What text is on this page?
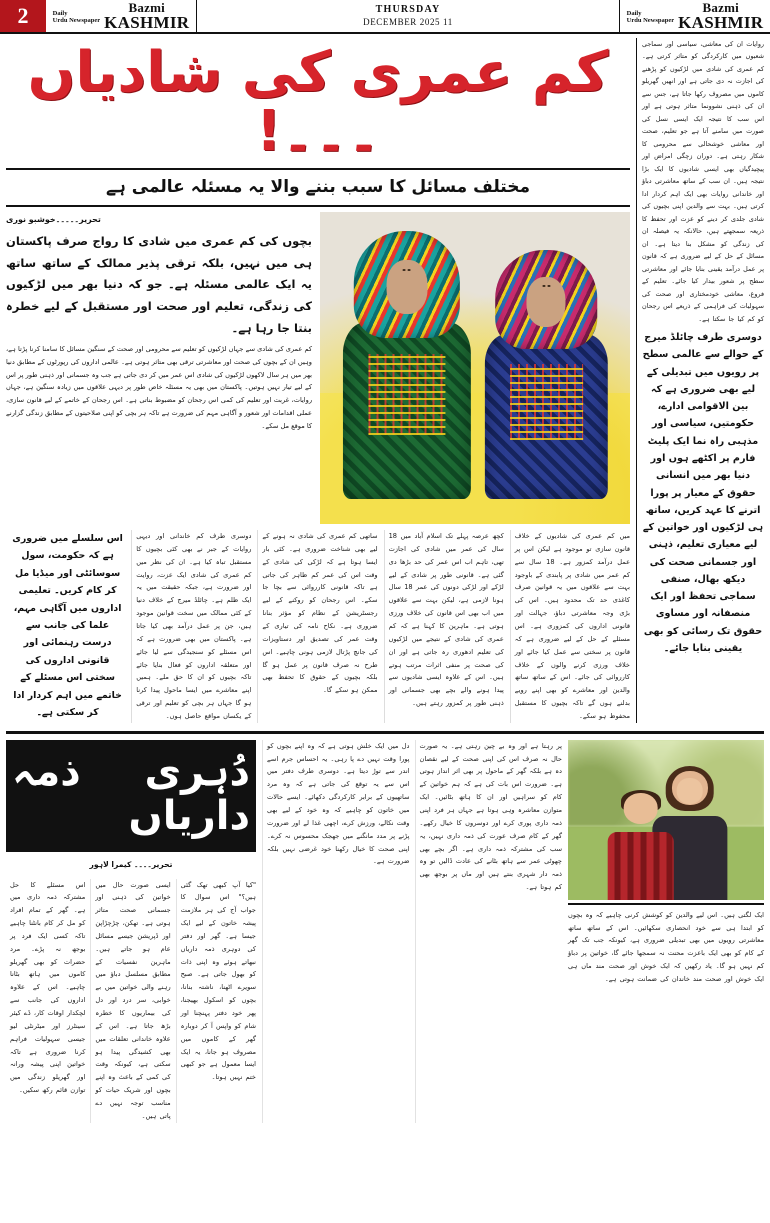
Bazmi
KASHMIR
Daily
Urdu Newspaper
THURSDAY
11 DECEMBER 2025
Bazmi
KASHMIR
Daily
Urdu Newspaper
2
روایات ان کی معاشی، سیاسی اور سماجی شعبوں میں کارکردگی کو متاثر کرتی ہے۔ کم عمری کی شادی میں لڑکیوں کو پڑھنے کی اجازت نہ دی جاتی ہے اور انھیں گھریلو کاموں میں مصروف رکھا جاتا ہے، جس سے ان کی ذہنی نشوونما متاثر ہوتی ہے اور اس سب کا نتیجہ ایک ایسی نسل کی صورت میں سامنے آتا ہے جو تعلیم، صحت اور معاشی خوشحالی سے محرومی کا شکار رہتی ہے۔ دوران زچگی امراض اور پیچیدگیاں بھی ایسی شادیوں کا ایک بڑا نتیجہ ہیں۔ ان سب کے ساتھ معاشرتی دباؤ اور خاندانی روایات بھی ایک اہم کردار ادا کرتی ہیں۔ بہت سے والدین اپنی بچیوں کی شادی جلدی کر دینے کو عزت اور تحفظ کا ذریعہ سمجھتے ہیں، حالانکہ یہ فیصلہ ان کی زندگی کو مشکل بنا دیتا ہے۔ ان مسائل کے حل کے لیے ضروری ہے کہ قانون پر عمل درآمد یقینی بنایا جائے اور معاشرتی سطح پر شعور بیدار کیا جائے۔ تعلیم کے فروغ، معاشی خودمختاری اور صحت کی سہولیات کی فراہمی کے ذریعے اس رجحان کو کم کیا جا سکتا ہے۔
دوسری طرف چائلڈ میرج کے حوالے سے عالمی سطح پر رویوں میں تبدیلی کے لیے بھی ضروری ہے کہ بین الاقوامی ادارے، حکومتیں، سیاسی اور مذہبی راہ نما ایک پلیٹ فارم پر اکٹھے ہوں اور دنیا بھر میں انسانی حقوق کے معیار پر پورا اترنے کا عہد کریں، ساتھ ہی لڑکیوں اور خواتین کے لیے معیاری تعلیم، ذہنی اور جسمانی صحت کی دیکھ بھال، صنفی سماجی تحفظ اور ایک منصفانہ اور مساوی حقوق تک رسائی کو بھی یقینی بنایا جائے۔
کم عمری کی شادیاں ۔۔۔!
مختلف مسائل کا سبب بننے والا یہ مسئلہ عالمی ہے
تحریر۔۔۔۔۔خوشبو نوری
بچوں کی کم عمری میں شادی کا رواج صرف پاکستان ہی میں نہیں، بلکہ ترقی پذیر ممالک کے ساتھ ساتھ یہ ایک عالمی مسئلہ ہے۔ جو کہ دنیا بھر میں لڑکیوں کی زندگی، تعلیم اور صحت اور مستقبل کے لیے خطرہ بنتا جا رہا ہے۔
کم عمری کی شادی سے جہاں لڑکیوں کو تعلیم سے محرومی اور صحت کے سنگین مسائل کا سامنا کرنا پڑتا ہے، وہیں ان کے بچوں کی صحت اور معاشرتی ترقی بھی متاثر ہوتی ہے۔ عالمی اداروں کی رپورٹوں کے مطابق دنیا بھر میں ہر سال لاکھوں لڑکیوں کی شادی اس عمر میں کر دی جاتی ہے جب وہ جسمانی اور ذہنی طور پر اس کے لیے تیار نہیں ہوتیں۔ پاکستان میں بھی یہ مسئلہ خاص طور پر دیہی علاقوں میں زیادہ سنگین ہے، جہاں روایات، غربت اور تعلیم کی کمی اس رجحان کو مضبوط بناتی ہے۔ اس رجحان کے خاتمے کے لیے قانون سازی، عملی اقدامات اور شعور و آگاہی مہم کی ضرورت ہے تاکہ ہر بچی کو اپنی صلاحیتوں کے مطابق زندگی گزارنے کا موقع مل سکے۔
میں کم عمری کی شادیوں کے خلاف قانون سازی تو موجود ہے لیکن اس پر عمل درآمد کمزور ہے۔ 18 سال سے کم عمر میں شادی پر پابندی کے باوجود بہت سے علاقوں میں یہ قوانین صرف کاغذی حد تک محدود ہیں۔ اس کی بڑی وجہ معاشرتی دباؤ، جہالت اور قانونی اداروں کی کمزوری ہے۔ اس مسئلے کے حل کے لیے ضروری ہے کہ قانون پر سختی سے عمل کیا جائے اور خلاف ورزی کرنے والوں کے خلاف کارروائی کی جائے۔ اس کے ساتھ ساتھ والدین اور معاشرے کو بھی اپنے رویے بدلنے ہوں گے تاکہ بچیوں کا مستقبل محفوظ ہو سکے۔
کچھ عرصہ پہلے تک اسلام آباد میں 18 سال کی عمر میں شادی کی اجازت تھی، تاہم اب اس عمر کی حد بڑھا دی گئی ہے۔ قانونی طور پر شادی کے لیے لڑکے اور لڑکی دونوں کی عمر 18 سال ہونا لازمی ہے، لیکن بہت سے علاقوں میں اب بھی اس قانون کی خلاف ورزی ہوتی ہے۔ ماہرین کا کہنا ہے کہ کم عمری کی شادی کے نتیجے میں لڑکیوں کی تعلیم ادھوری رہ جاتی ہے اور ان کی صحت پر منفی اثرات مرتب ہوتے ہیں۔ اس کے علاوہ ایسی شادیوں سے پیدا ہونے والے بچے بھی جسمانی اور ذہنی طور پر کمزور رہتے ہیں۔
ساتھی کم عمری کی شادی نہ ہونے کے لیے بھی شناخت ضروری ہے۔ کئی بار ایسا ہوتا ہے کہ لڑکی کی شادی کے وقت اس کی عمر کم ظاہر کی جاتی ہے تاکہ قانونی کارروائی سے بچا جا سکے۔ اس رجحان کو روکنے کے لیے رجسٹریشن کے نظام کو مؤثر بنانا ضروری ہے۔ نکاح نامہ کی تیاری کے وقت عمر کی تصدیق اور دستاویزات کی جانچ پڑتال لازمی ہونی چاہیے۔ اس طرح نہ صرف قانون پر عمل ہو گا بلکہ بچیوں کے حقوق کا تحفظ بھی ممکن ہو سکے گا۔
دوسری طرف کم خاندانی اور دیہی روایات کے جبر نے بھی کئی بچیوں کا مستقبل تباہ کیا ہے۔ ان کی نظر میں کم عمری کی شادی ایک عزت، روایت اور ضرورت ہے، جبکہ حقیقت میں یہ ایک ظلم ہے۔ چائلڈ میرج کے خلاف دنیا کے کئی ممالک میں سخت قوانین موجود ہیں، جن پر عمل درآمد بھی کیا جاتا ہے۔ پاکستان میں بھی ضرورت ہے کہ اس مسئلے کو سنجیدگی سے لیا جائے اور متعلقہ اداروں کو فعال بنایا جائے تاکہ بچیوں کو ان کا حق ملے۔ ہمیں اپنے معاشرے میں ایسا ماحول پیدا کرنا ہو گا جہاں ہر بچی کو تعلیم اور ترقی کے یکساں مواقع حاصل ہوں۔
اس سلسلے میں ضروری ہے کہ حکومت، سول سوسائٹی اور میڈیا مل کر کام کریں۔ تعلیمی اداروں میں آگاہی مہم، علما کی جانب سے درست رہنمائی اور قانونی اداروں کی سختی اس مسئلے کے خاتمے میں اہم کردار ادا کر سکتی ہے۔
ایک لگتی ہیں۔ اس لیے والدین کو کوشش کرنی چاہیے کہ وہ بچوں کو ابتدا ہی سے خود انحصاری سکھائیں۔ اس کے ساتھ ساتھ معاشرتی رویوں میں بھی تبدیلی ضروری ہے، کیونکہ جب تک گھر کے کام کو بھی ایک باعزت محنت نہ سمجھا جائے گا، خواتین پر دباؤ کم نہیں ہو گا۔ یاد رکھیں کہ ایک خوش اور صحت مند ماں ہی ایک خوش اور صحت مند خاندان کی ضمانت ہوتی ہے۔
پر رہتا ہے اور وہ بے چین رہتی ہے۔ یہ صورت حال نہ صرف اس کی اپنی صحت کے لیے نقصان دہ ہے بلکہ گھر کے ماحول پر بھی اثر انداز ہوتی ہے۔ ضرورت اس بات کی ہے کہ ہم خواتین کے کام کو سراہیں اور ان کا ہاتھ بٹائیں۔ ایک متوازن معاشرہ وہی ہوتا ہے جہاں ہر فرد اپنی ذمہ داری پوری کرے اور دوسروں کا خیال رکھے۔ گھر کے کام صرف عورت کی ذمہ داری نہیں، یہ سب کی مشترکہ ذمہ داری ہے۔ اگر بچے بھی چھوٹی عمر سے ہاتھ بٹانے کی عادت ڈالیں تو وہ ذمہ دار شہری بنتے ہیں اور ماں پر بوجھ بھی کم ہوتا ہے۔
دل میں ایک خلش ہوتی ہے کہ وہ اپنے بچوں کو پورا وقت نہیں دے پا رہی۔ یہ احساس جرم اسے اندر سے توڑ دیتا ہے۔ دوسری طرف دفتر میں اس سے یہ توقع کی جاتی ہے کہ وہ مرد ساتھیوں کے برابر کارکردگی دکھائے۔ ایسے حالات میں خاتون کو چاہیے کہ وہ خود کے لیے بھی وقت نکالے، ورزش کرے، اچھی غذا لے اور ضرورت پڑنے پر مدد مانگنے میں جھجک محسوس نہ کرے۔ اپنی صحت کا خیال رکھنا خود غرضی نہیں بلکہ ضرورت ہے۔
دُہری ذمہ داریاں
تحریر۔۔۔۔ کیمرا لاہور
"کیا آپ کبھی تھک گئی ہیں؟" اس سوال کا جواب آج کی ہر ملازمت پیشہ خاتون کے لیے ایک جیسا ہے۔ گھر اور دفتر کی دوہری ذمہ داریاں نبھاتے ہوئے وہ اپنی ذات کو بھول جاتی ہے۔ صبح سویرے اٹھنا، ناشتہ بنانا، بچوں کو اسکول بھیجنا، پھر خود دفتر پہنچنا اور شام کو واپس آ کر دوبارہ گھر کے کاموں میں مصروف ہو جانا، یہ ایک ایسا معمول ہے جو کبھی ختم نہیں ہوتا۔
ایسی صورت حال میں خواتین کی ذہنی اور جسمانی صحت متاثر ہوتی ہے۔ تھکن، چڑچڑاپن اور ڈپریشن جیسے مسائل عام ہو جاتے ہیں۔ ماہرین نفسیات کے مطابق مسلسل دباؤ میں رہنے والی خواتین میں بے خوابی، سر درد اور دل کی بیماریوں کا خطرہ بڑھ جاتا ہے۔ اس کے علاوہ خاندانی تعلقات میں بھی کشیدگی پیدا ہو سکتی ہے، کیونکہ وقت کی کمی کے باعث وہ اپنے بچوں اور شریک حیات کو مناسب توجہ نہیں دے پاتی ہیں۔
اس مسئلے کا حل مشترکہ ذمہ داری میں ہے۔ گھر کے تمام افراد کو مل کر کام بانٹنا چاہیے تاکہ کسی ایک فرد پر بوجھ نہ پڑے۔ مرد حضرات کو بھی گھریلو کاموں میں ہاتھ بٹانا چاہیے۔ اس کے علاوہ اداروں کی جانب سے لچکدار اوقات کار، ڈے کیئر سینٹرز اور میٹرنٹی لیو جیسی سہولیات فراہم کرنا ضروری ہے تاکہ خواتین اپنی پیشہ ورانہ اور گھریلو زندگی میں توازن قائم رکھ سکیں۔
